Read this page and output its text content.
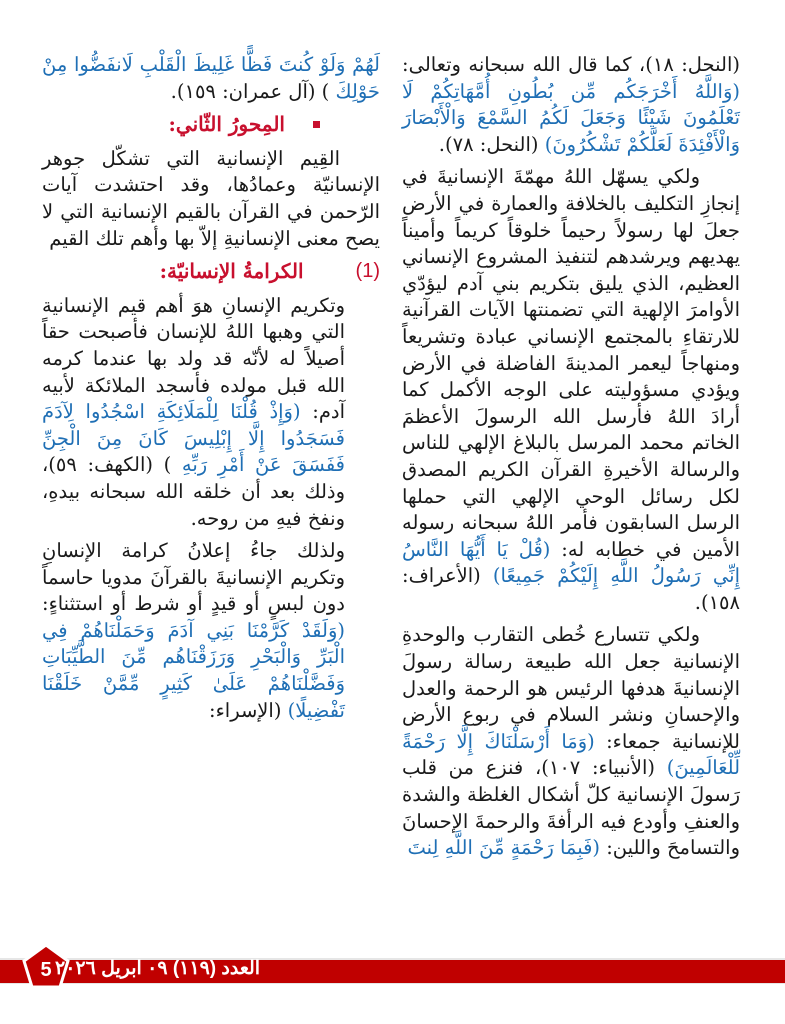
(النحل: ١٨)، كما قال الله سبحانه وتعالى: (وَاللَّهُ أَخْرَجَكُم مِّن بُطُونِ أُمَّهَاتِكُمْ لَا تَعْلَمُونَ شَيْئًا وَجَعَلَ لَكُمُ السَّمْعَ وَالْأَبْصَارَ وَالْأَفْئِدَةَ لَعَلَّكُمْ تَشْكُرُونَ) (النحل: ٧٨).

ولكي يسهّل اللهُ مهمّةَ الإنسانيةَ في إنجازِ التكليف بالخلافة والعمارة في الأرض جعلَ لها رسولاً رحيماً خلوقاً كريماً وأميناً يهديهم ويرشدهم لتنفيذ المشروع الإنساني العظيم، الذي يليق بتكريم بني آدم ليؤدّي الأوامرَ الإلهية التي تضمنتها الآيات القرآنية للارتقاءِ بالمجتمع الإنساني عبادة وتشريعاً ومنهاجاً ليعمر المدينةَ الفاضلة في الأرض ويؤدي مسؤوليته على الوجه الأكمل كما أرادَ اللهُ فأرسل الله الرسولَ الأعظمَ الخاتم محمد المرسل بالبلاغ الإلهي للناس والرسالة الأخيرةِ القرآن الكريم المصدق لكل رسائل الوحي الإلهي التي حملها الرسل السابقون فأمر اللهُ سبحانه رسوله الأمين في خطابه له: (قُلْ يَا أَيُّهَا النَّاسُ إِنِّي رَسُولُ اللَّهِ إِلَيْكُمْ جَمِيعًا) (الأعراف: ١٥٨).

ولكي تتسارع خُطى التقارب والوحدةِ الإنسانية جعل الله طبيعة رسالة رسولَ الإنسانيةَ هدفها الرئيس هو الرحمة والعدل والإحسانِ ونشر السلام في ربوع الأرض للإنسانية جمعاء: (وَمَا أَرْسَلْنَاكَ إِلَّا رَحْمَةً لِّلْعَالَمِينَ) (الأنبياء: ١٠٧)، فنزع من قلب رَسولَ الإنسانية كلّ أشكال الغلظة والشدة والعنفِ وأودع فيه الرأفةَ والرحمةَ الإحسانَ والتسامحَ واللين: (فَبِمَا رَحْمَةٍ مِّنَ اللَّهِ لِنتَ

لَهُمْ وَلَوْ كُنتَ فَظًّا غَلِيظَ الْقَلْبِ لَانفَضُّوا مِنْ حَوْلِكَ ) (آل عمران: ١٥٩).

المِحورُ الثّاني:

القِيم الإنسانية التي تشكّل جوهر الإنسانيّة وعمادُها، وقد احتشدت آيات الرّحمن في القرآن بالقيم الإنسانية التي لا يصح معنى الإنسانيةِ إلاّ بها وأهم تلك القيم

(1)
الكرامةُ الإنسانيّة:

وتكريم الإنسانِ هوَ أهم قيم الإنسانية التي وهبها اللهُ للإنسان فأصبحت حقاً أصيلاً له لأنّه قد ولد بها عندما كرمه الله قبل مولده فأسجد الملائكة لأبيه آدم: (وَإِذْ قُلْنَا لِلْمَلَائِكَةِ اسْجُدُوا لِآدَمَ فَسَجَدُوا إِلَّا إِبْلِيسَ كَانَ مِنَ الْجِنِّ فَفَسَقَ عَنْ أَمْرِ رَبِّهِ ) (الكهف: ٥٩)، وذلك بعد أن خلقه الله سبحانه بيدهِ، ونفخ فيهِ من روحه.

ولذلك جاءُ إعلانُ كرامة الإنسانِ وتكريم الإنسانيةَ بالقرآنَ مدويا حاسماً دون لبسٍ أو قيدٍ أو شرط أو استثناءٍ: (وَلَقَدْ كَرَّمْنَا بَنِي آدَمَ وَحَمَلْنَاهُمْ فِي الْبَرِّ وَالْبَحْرِ وَرَزَقْنَاهُم مِّنَ الطَّيِّبَاتِ وَفَضَّلْنَاهُمْ عَلَىٰ كَثِيرٍ مِّمَّنْ خَلَقْنَا تَفْضِيلًا) (الإسراء:

5 العدد (١١٩) ٠٩ ابريل ٢٠٢٦
